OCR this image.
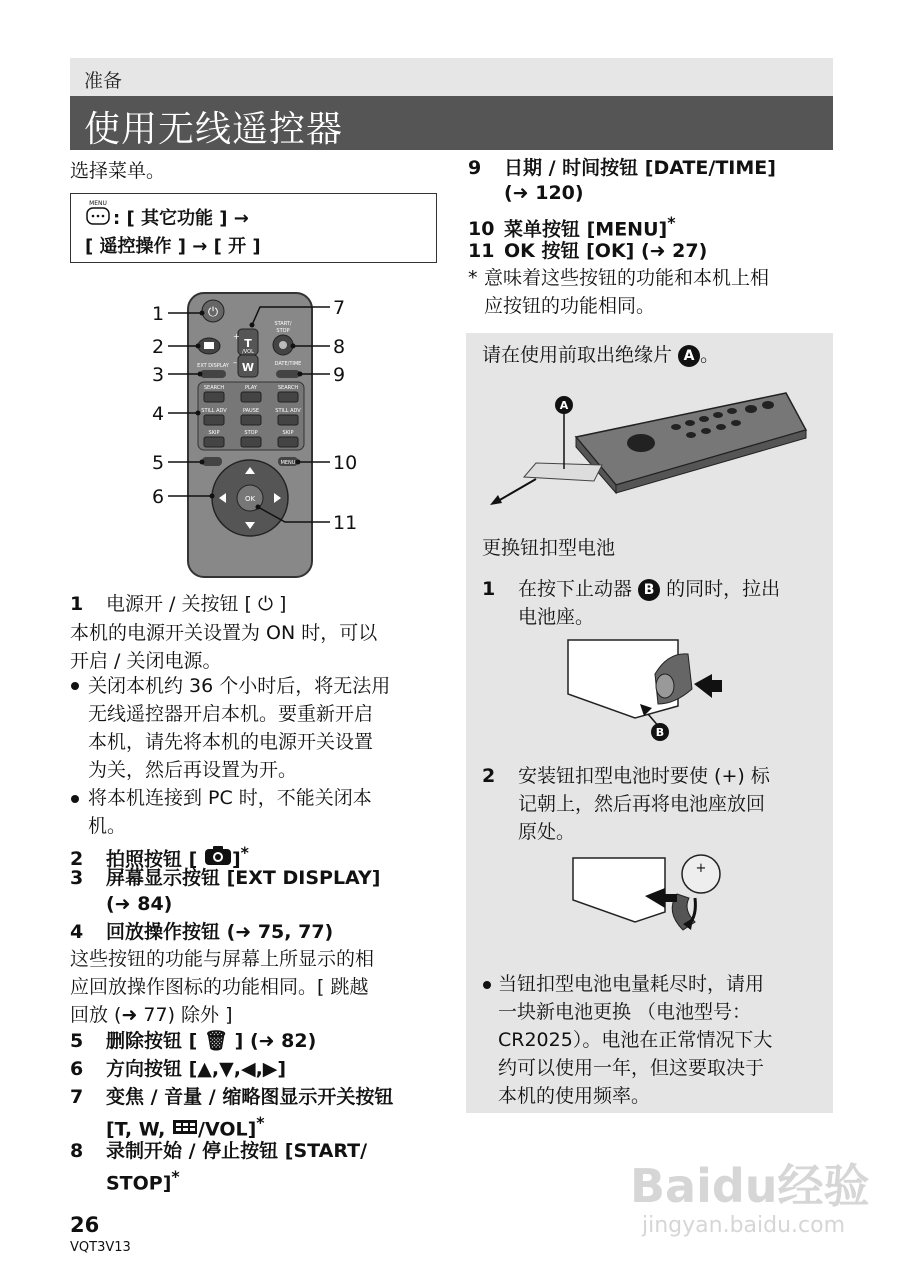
准备
使用无线遥控器
选择菜单。
MENU
: [ 其它功能 ] →
[ 遥控操作 ] → [ 开 ]
⏻
T
/VOL
W
+
–
START/
STOP
EXT DISPLAY	DATE/TIME
SEARCH	PLAY	SEARCH
STILL ADV	PAUSE	STILL ADV
SKIP	STOP	SKIP
MENU
OK
1
2
3
4
5
6
7
8
9
10
11
1 电源开 / 关按钮 [ ⏻ ]
本机的电源开关设置为 ON 时，可以
开启 / 关闭电源。
关闭本机约 36 个小时后，将无法用
无线遥控器开启本机。要重新开启
本机，请先将本机的电源开关设置
为关，然后再设置为开。
将本机连接到 PC 时，不能关闭本
机。
2 拍照按钮 [ ]*
3 屏幕显示按钮 [EXT DISPLAY]
(➜ 84)
4 回放操作按钮 (➜ 75, 77)
这些按钮的功能与屏幕上所显示的相
应回放操作图标的功能相同。[ 跳越
回放 (➜ 77) 除外 ]
5 删除按钮 [ 🗑 ] (➜ 82)
6 方向按钮 [▲,▼,◀,▶]
7 变焦 / 音量 / 缩略图显示开关按钮
[T, W, /VOL]*
8 录制开始 / 停止按钮 [START/
STOP]*
9 日期 / 时间按钮 [DATE/TIME]
(➜ 120)
10 菜单按钮 [MENU]*
11 OK 按钮 [OK] (➜ 27)
* 意味着这些按钮的功能和本机上相
应按钮的功能相同。
请在使用前取出绝缘片 A 。
A
更换钮扣型电池
1 在按下止动器 B 的同时，拉出
电池座。
B
2 安装钮扣型电池时要使 (+) 标
记朝上，然后再将电池座放回
原处。
+
当钮扣型电池电量耗尽时，请用
一块新电池更换 （电池型号：
CR2025）。电池在正常情况下大
约可以使用一年，但这要取决于
本机的使用频率。
26
VQT3V13
Baidu经验
jingyan.baidu.com
